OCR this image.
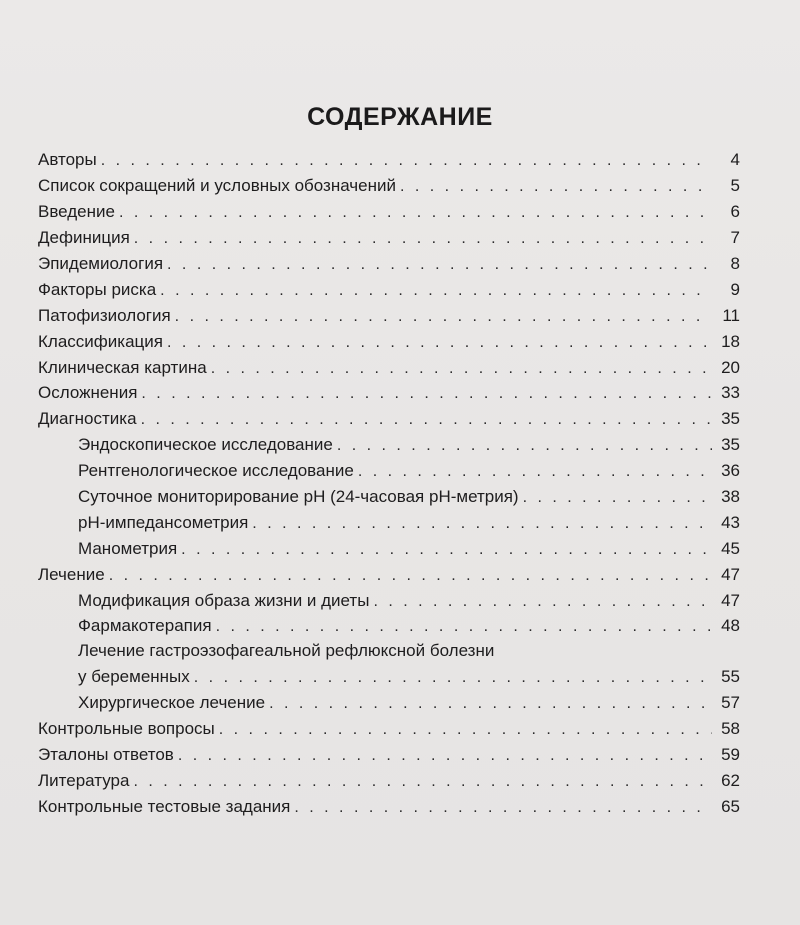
СОДЕРЖАНИЕ
Авторы . . .	4
Список сокращений и условных обозначений . . .	5
Введение . . .	6
Дефиниция . . .	7
Эпидемиология . . .	8
Факторы риска . . .	9
Патофизиология . . .	11
Классификация . . .	18
Клиническая картина . . .	20
Осложнения . . .	33
Диагностика . . .	35
Эндоскопическое исследование . . .	35
Рентгенологическое исследование . . .	36
Суточное мониторирование рН (24-часовая рН-метрия) . . .	38
рН-импедансометрия . . .	43
Манометрия . . .	45
Лечение . . .	47
Модификация образа жизни и диеты . . .	47
Фармакотерапия . . .	48
Лечение гастроэзофагеальной рефлюксной болезни
у беременных . . .	55
Хирургическое лечение . . .	57
Контрольные вопросы . . .	58
Эталоны ответов . . .	59
Литература . . .	62
Контрольные тестовые задания . . .	65
